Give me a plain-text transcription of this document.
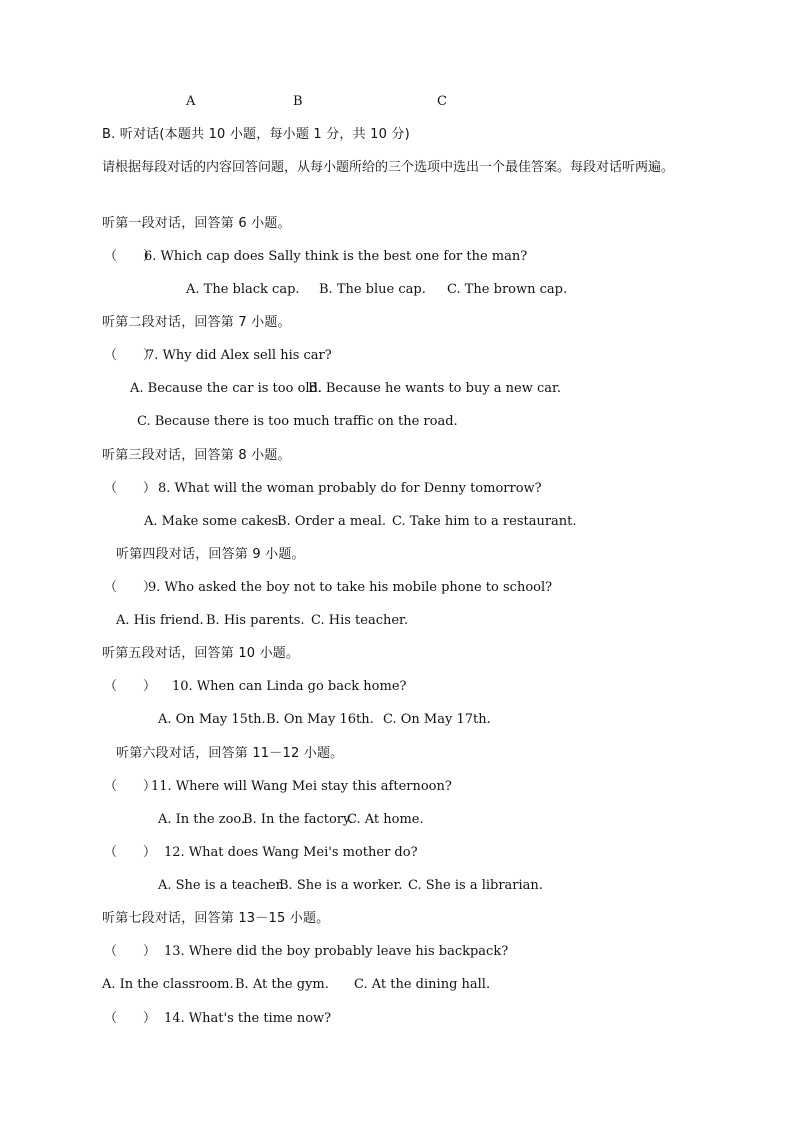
A	B	C
B. 听对话(本题共 10 小题，每小题 1 分，共 10 分)
请根据每段对话的内容回答问题，从每小题所给的三个选项中选出一个最佳答案。每段对话听两遍。
听第一段对话，回答第 6 小题。
（　　）6. Which cap does Sally think is the best one for the man?
A. The black cap. B. The blue cap. C. The brown cap.
听第二段对话，回答第 7 小题。
（　　）7. Why did Alex sell his car?
A. Because the car is too old.B. Because he wants to buy a new car.
C. Because there is too much traffic on the road.
听第三段对话，回答第 8 小题。
（　　） 8. What will the woman probably do for Denny tomorrow?
A. Make some cakes.B. Order a meal. C. Take him to a restaurant.
听第四段对话，回答第 9 小题。
（　　）9. Who asked the boy not to take his mobile phone to school?
A. His friend. B. His parents. C. His teacher.
听第五段对话，回答第 10 小题。
（　　） 10. When can Linda go back home?
A. On May 15th.B. On May 16th. C. On May 17th.
听第六段对话，回答第 11－12 小题。
（　　）11. Where will Wang Mei stay this afternoon?
A. In the zoo.B. In the factory.C. At home.
（　　） 12. What does Wang Mei's mother do?
A. She is a teacher.B. She is a worker. C. She is a librarian.
听第七段对话，回答第 13－15 小题。
（　　） 13. Where did the boy probably leave his backpack?
A. In the classroom.B. At the gym. C. At the dining hall.
（　　） 14. What's the time now?
